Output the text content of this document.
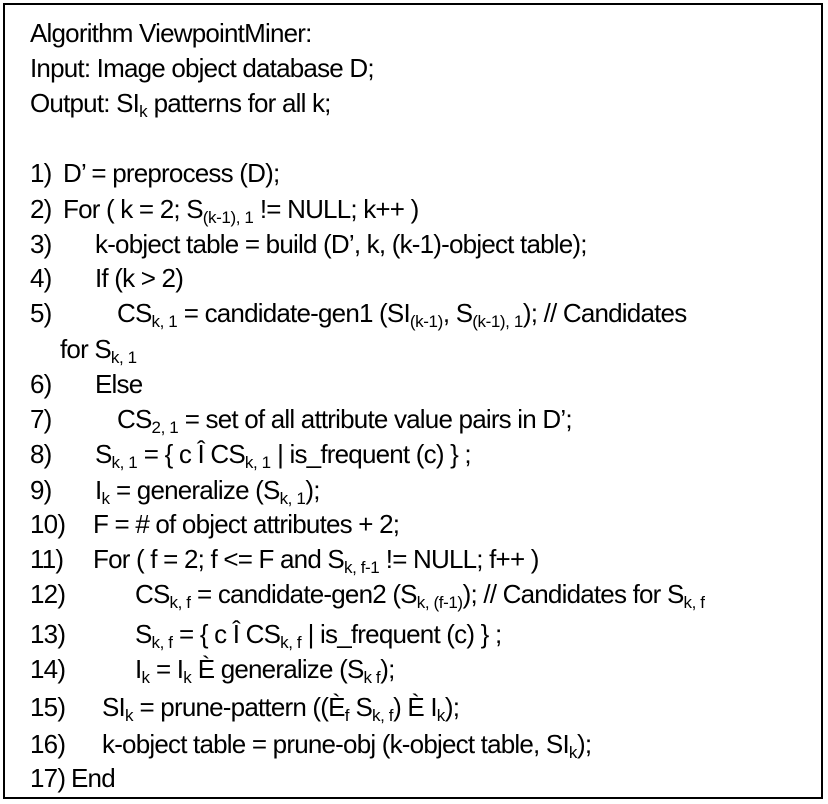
Algorithm ViewpointMiner:
Input: Image object database D;
Output: $SI_k$ patterns for all k;
1) D’ = preprocess (D);
2) For ( k = 2; $S_{(k-1), 1}$ != NULL; k++ )
3) k-object table = build (D’, k, (k-1)-object table);
4) If (k > 2)
5)	$CS_{k, 1}$ = candidate-gen1 ($SI_{(k-1)}$, $S_{(k-1), 1}$); // Candidates
for $S_{k, 1}$
6) Else
7)	$CS_{2, 1}$ = set of all attribute value pairs in D’;
8) $S_{k, 1}$ = { c Î $CS_{k, 1}$ | is_frequent (c) } ;
9) $I_k$ = generalize $(S_{k, 1})$;
10) F = # of object attributes + 2;
11) For ( f = 2; f <= F and $S_{k, f-1}$ != NULL; f++ )
12)	$CS_{k, f}$ = candidate-gen2 $(S_{k, (f-1)})$; // Candidates for $S_{k, f}$
13)	$S_{k, f}$ = { c Î $CS_{k, f}$ | is_frequent (c) } ;
14)	$I_k = I_k$ È generalize $(S_{k f})$;
15) $SI_k$ = prune-pattern (($È_f$ $S_{k, f}$) È $I_k$);
16) k-object table = prune-obj (k-object table, $SI_k$);
17) End
